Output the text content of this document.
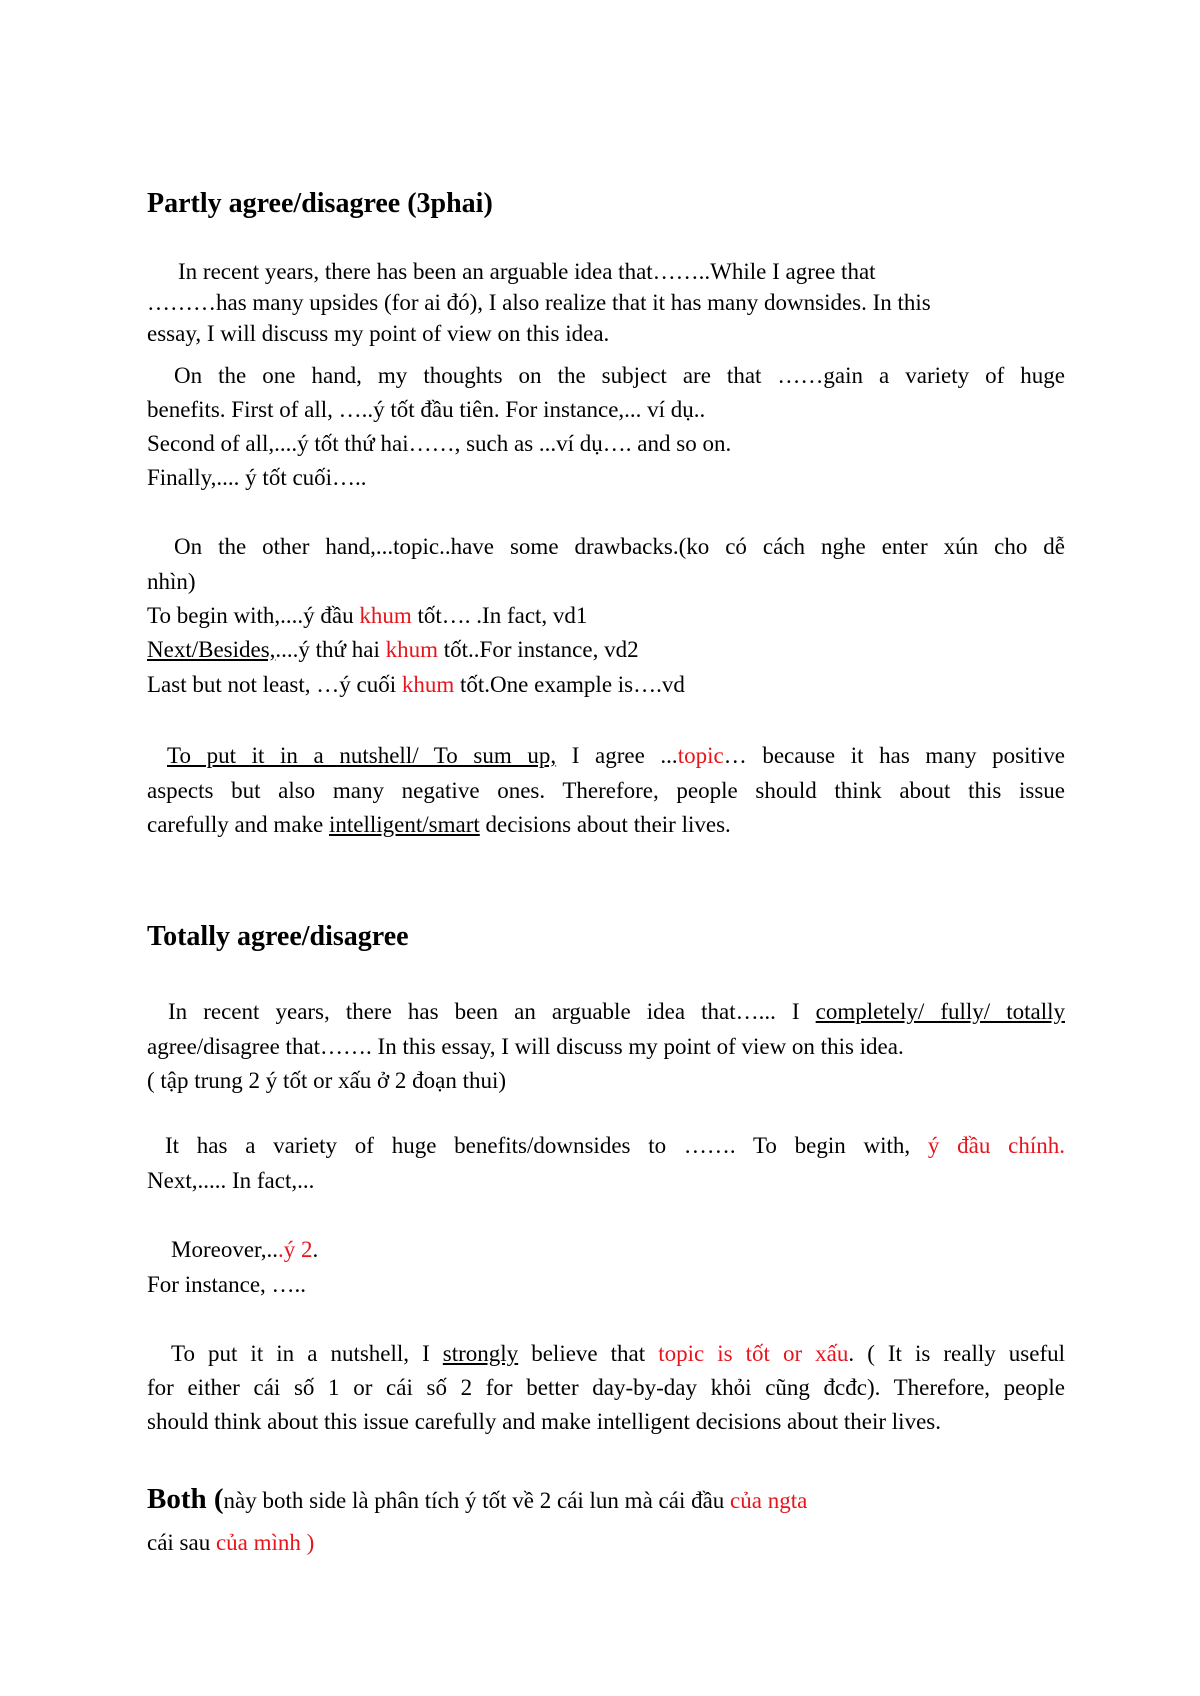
Partly agree/disagree (3phai)
In recent years, there has been an arguable idea that……..While I agree that
………has many upsides (for ai đó), I also realize that it has many downsides. In this
essay, I will discuss my point of view on this idea.
On the one hand, my thoughts on the subject are that ……gain a variety of huge
benefits. First of all, …..ý tốt đầu tiên. For instance,... ví dụ..
Second of all,....ý tốt thứ hai……, such as ...ví dụ…. and so on.
Finally,.... ý tốt cuối…..
On the other hand,...topic..have some drawbacks.(ko có cách nghe enter xún cho dễ
nhìn)
To begin with,....ý đầu khum tốt…. .In fact, vd1
Next/Besides,....ý thứ hai khum tốt..For instance, vd2
Last but not least, …ý cuối khum tốt.One example is….vd
To put it in a nutshell/ To sum up, I agree ...topic… because it has many positive
aspects but also many negative ones. Therefore, people should think about this issue
carefully and make intelligent/smart decisions about their lives.
Totally agree/disagree
In recent years, there has been an arguable idea that…... I completely/ fully/ totally
agree/disagree that……. In this essay, I will discuss my point of view on this idea.
( tập trung 2 ý tốt or xấu ở 2 đoạn thui)
It has a variety of huge benefits/downsides to ……. To begin with, ý đầu chính.
Next,..... In fact,...
Moreover,...ý 2.
For instance, …..
To put it in a nutshell, I strongly believe that topic is tốt or xấu. ( It is really useful
for either cái số 1 or cái số 2 for better day-by-day khỏi cũng đcđc). Therefore, people
should think about this issue carefully and make intelligent decisions about their lives.
Both (này both side là phân tích ý tốt về 2 cái lun mà cái đầu của ngta
cái sau của mình )
